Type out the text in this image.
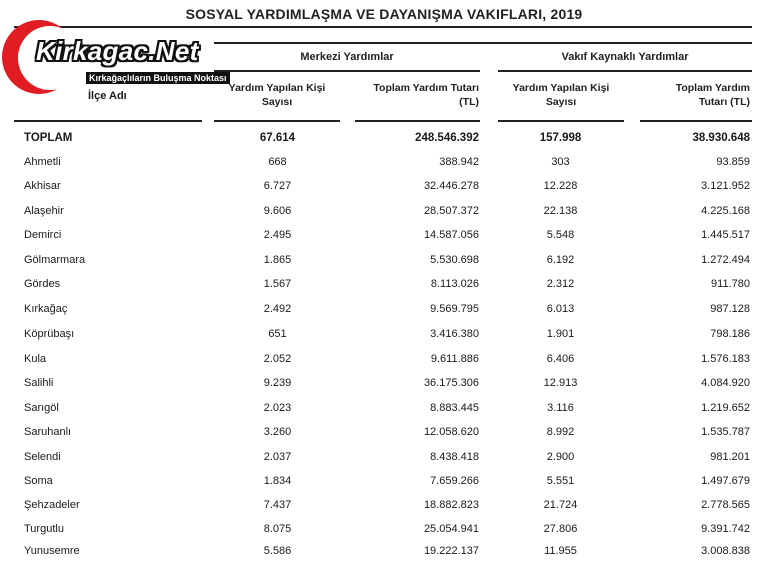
SOSYAL YARDIMLAŞMA VE DAYANIŞMA VAKIFLARI, 2019
Kirkagac.Net
Kırkağaçlıların Buluşma Noktası
Merkezi Yardımlar	Vakıf Kaynaklı Yardımlar
İlçe Adı
Yardım Yapılan Kişi
Sayısı
Toplam Yardım Tutarı
(TL)
Yardım Yapılan Kişi
Sayısı
Toplam Yardım
Tutarı (TL)
TOPLAM	67.614	248.546.392	157.998	38.930.648
Ahmetli	668	388.942	303	93.859
Akhisar	6.727	32.446.278	12.228	3.121.952
Alaşehir	9.606	28.507.372	22.138	4.225.168
Demirci	2.495	14.587.056	5.548	1.445.517
Gölmarmara	1.865	5.530.698	6.192	1.272.494
Gördes	1.567	8.113.026	2.312	911.780
Kırkağaç	2.492	9.569.795	6.013	987.128
Köprübaşı	651	3.416.380	1.901	798.186
Kula	2.052	9.611.886	6.406	1.576.183
Salihli	9.239	36.175.306	12.913	4.084.920
Sarıgöl	2.023	8.883.445	3.116	1.219.652
Saruhanlı	3.260	12.058.620	8.992	1.535.787
Selendi	2.037	8.438.418	2.900	981.201
Soma	1.834	7.659.266	5.551	1.497.679
Şehzadeler	7.437	18.882.823	21.724	2.778.565
Turgutlu	8.075	25.054.941	27.806	9.391.742
Yunusemre	5.586	19.222.137	11.955	3.008.838
